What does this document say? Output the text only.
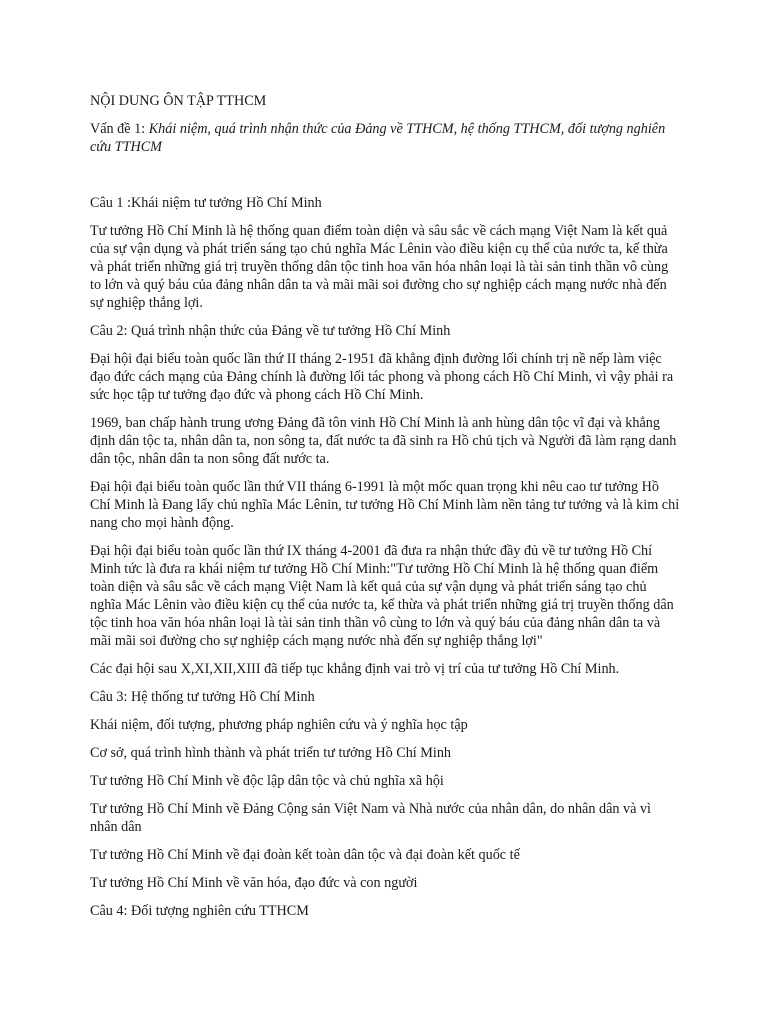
NỘI DUNG ÔN TẬP TTHCM

Vấn đề 1: Khái niệm, quá trình nhận thức của Đảng về TTHCM, hệ thống TTHCM, đối tượng nghiên cứu TTHCM

Câu 1 :Khái niệm tư tưởng Hồ Chí Minh

Tư tưởng Hồ Chí Minh là hệ thống quan điểm toàn diện và sâu sắc về cách mạng Việt Nam là kết quả của sự vận dụng và phát triển sáng tạo chủ nghĩa Mác Lênin vào điều kiện cụ thể của nước ta, kế thừa và phát triển những giá trị truyền thống dân tộc tinh hoa văn hóa nhân loại là tài sản tinh thần vô cùng to lớn và quý báu của đảng nhân dân ta và mãi mãi soi đường cho sự nghiệp cách mạng nước nhà đến sự nghiệp thắng lợi.

Câu 2: Quá trình nhận thức của Đảng về tư tưởng Hồ Chí Minh

Đại hội đại biểu toàn quốc lần thứ II tháng 2-1951 đã khẳng định đường lối chính trị nề nếp làm việc đạo đức cách mạng của Đảng chính là đường lối tác phong và phong cách Hồ Chí Minh, vì vậy phải ra sức học tập tư tưởng đạo đức và phong cách Hồ Chí Minh.

1969, ban chấp hành trung ương Đảng đã tôn vinh Hồ Chí Minh là anh hùng dân tộc vĩ đại và khẳng định dân tộc ta, nhân dân ta, non sông ta, đất nước ta đã sinh ra Hồ chủ tịch và Người đã làm rạng danh dân tộc, nhân dân ta non sông đất nước ta.

Đại hội đại biểu toàn quốc lần thứ VII tháng 6-1991 là một mốc quan trọng khi nêu cao tư tưởng Hồ Chí Minh là Đang lấy chủ nghĩa Mác Lênin, tư tưởng Hồ Chí Minh làm nền tảng tư tưởng và là kim chỉ nang cho mọi hành động.

Đại hội đại biểu toàn quốc lần thứ IX tháng 4-2001 đã đưa ra nhận thức đầy đủ về tư tưởng Hồ Chí Minh tức là đưa ra khái niệm tư tưởng Hồ Chí Minh:"Tư tưởng Hồ Chí Minh là hệ thống quan điểm toàn diện và sâu sắc về cách mạng Việt Nam là kết quả của sự vận dụng và phát triển sáng tạo chủ nghĩa Mác Lênin vào điều kiện cụ thể của nước ta, kế thừa và phát triển những giá trị truyền thống dân tộc tinh hoa văn hóa nhân loại là tài sản tinh thần vô cùng to lớn và quý báu của đảng nhân dân ta và mãi mãi soi đường cho sự nghiệp cách mạng nước nhà đến sự nghiệp thắng lợi"

Các đại hội sau X,XI,XII,XIII đã tiếp tục khẳng định vai trò vị trí của tư tưởng Hồ Chí Minh.

Câu 3: Hệ thống tư tưởng Hồ Chí Minh

Khái niệm, đối tượng, phương pháp nghiên cứu và ý nghĩa học tập

Cơ sở, quá trình hình thành và phát triển tư tưởng Hồ Chí Minh

Tư tưởng Hồ Chí Minh về độc lập dân tộc và chủ nghĩa xã hội

Tư tưởng Hồ Chí Minh về Đảng Cộng sản Việt Nam và Nhà nước của nhân dân, do nhân dân và vì nhân dân

Tư tưởng Hồ Chí Minh về đại đoàn kết toàn dân tộc và đại đoàn kết quốc tế

Tư tưởng Hồ Chí Minh về văn hóa, đạo đức và con người

Câu 4: Đối tượng nghiên cứu TTHCM
